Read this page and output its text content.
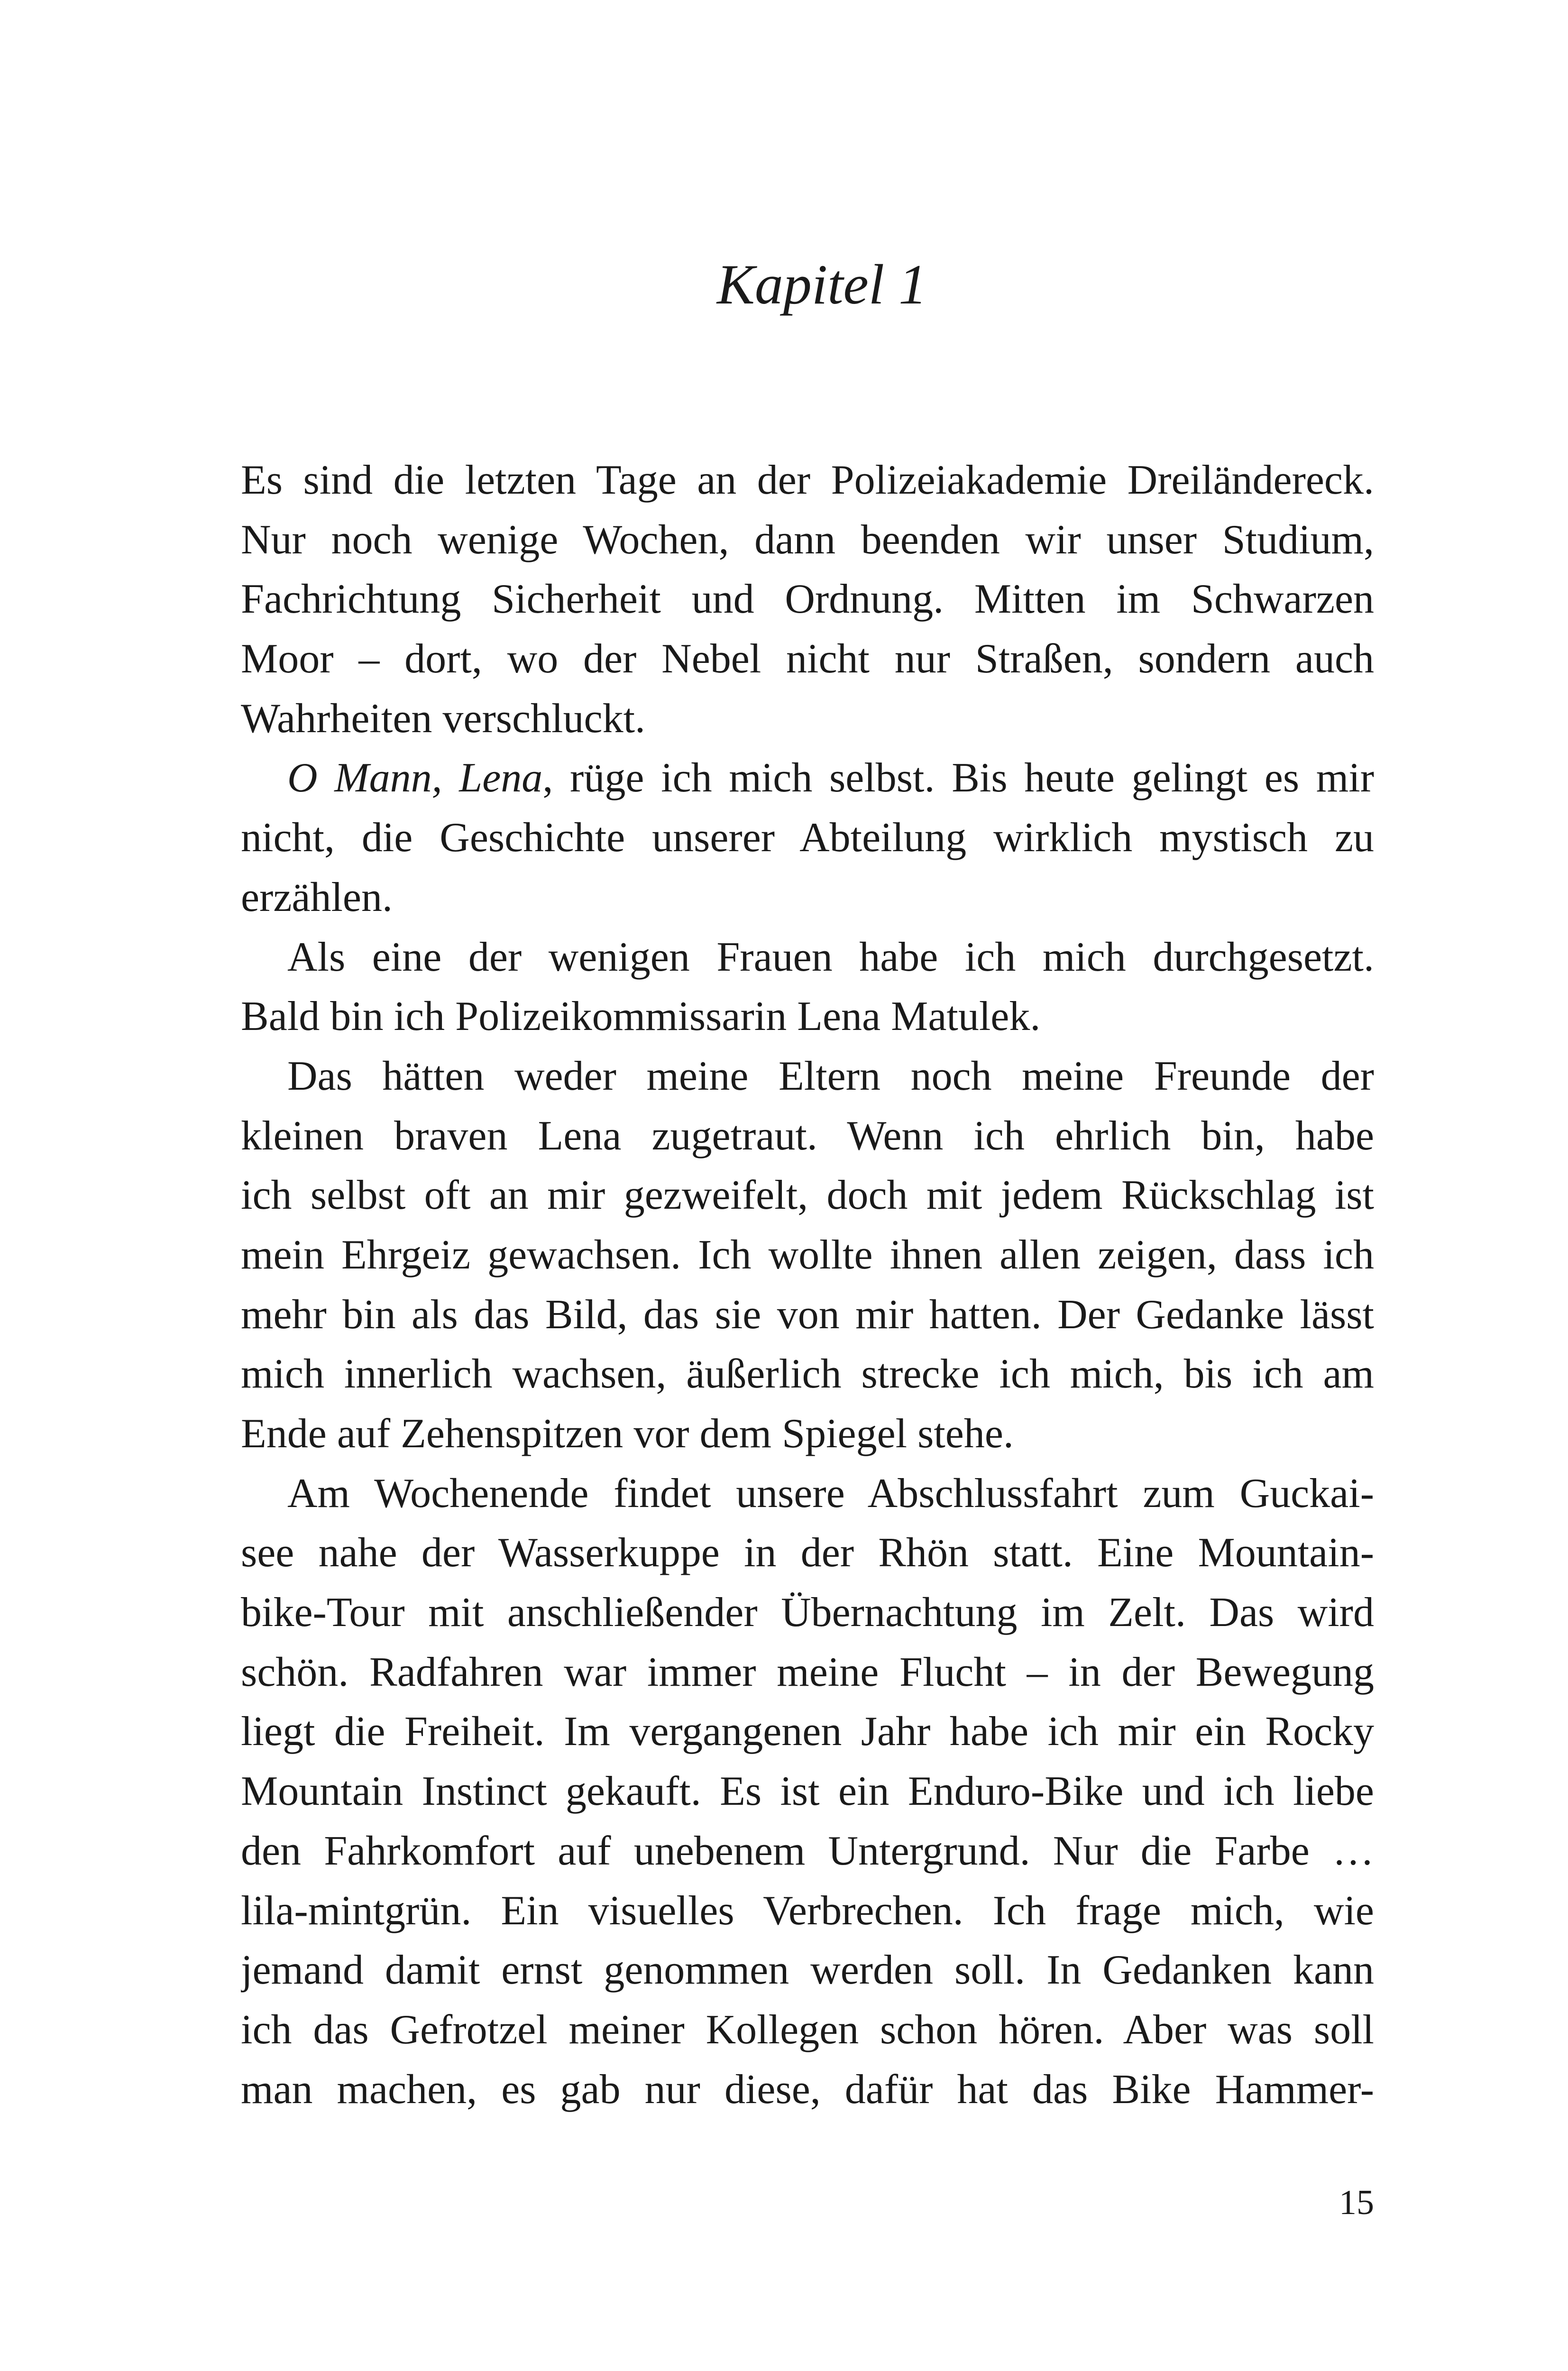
Kapitel 1
Es sind die letzten Tage an der Polizeiakademie Dreiländereck.
Nur noch wenige Wochen, dann beenden wir unser Studium,
Fachrichtung Sicherheit und Ordnung. Mitten im Schwarzen
Moor – dort, wo der Nebel nicht nur Straßen, sondern auch
Wahrheiten verschluckt.
O Mann, Lena, rüge ich mich selbst. Bis heute gelingt es mir
nicht, die Geschichte unserer Abteilung wirklich mystisch zu
erzählen.
Als eine der wenigen Frauen habe ich mich durchgesetzt.
Bald bin ich Polizeikommissarin Lena Matulek.
Das hätten weder meine Eltern noch meine Freunde der
kleinen braven Lena zugetraut. Wenn ich ehrlich bin, habe
ich selbst oft an mir gezweifelt, doch mit jedem Rückschlag ist
mein Ehrgeiz gewachsen. Ich wollte ihnen allen zeigen, dass ich
mehr bin als das Bild, das sie von mir hatten. Der Gedanke lässt
mich innerlich wachsen, äußerlich strecke ich mich, bis ich am
Ende auf Zehenspitzen vor dem Spiegel stehe.
Am Wochenende findet unsere Abschlussfahrt zum Guckai-
see nahe der Wasserkuppe in der Rhön statt. Eine Mountain-
bike-Tour mit anschließender Übernachtung im Zelt. Das wird
schön. Radfahren war immer meine Flucht – in der Bewegung
liegt die Freiheit. Im vergangenen Jahr habe ich mir ein Rocky
Mountain Instinct gekauft. Es ist ein Enduro-Bike und ich liebe
den Fahrkomfort auf unebenem Untergrund. Nur die Farbe …
lila-mintgrün. Ein visuelles Verbrechen. Ich frage mich, wie
jemand damit ernst genommen werden soll. In Gedanken kann
ich das Gefrotzel meiner Kollegen schon hören. Aber was soll
man machen, es gab nur diese, dafür hat das Bike Hammer-
15
